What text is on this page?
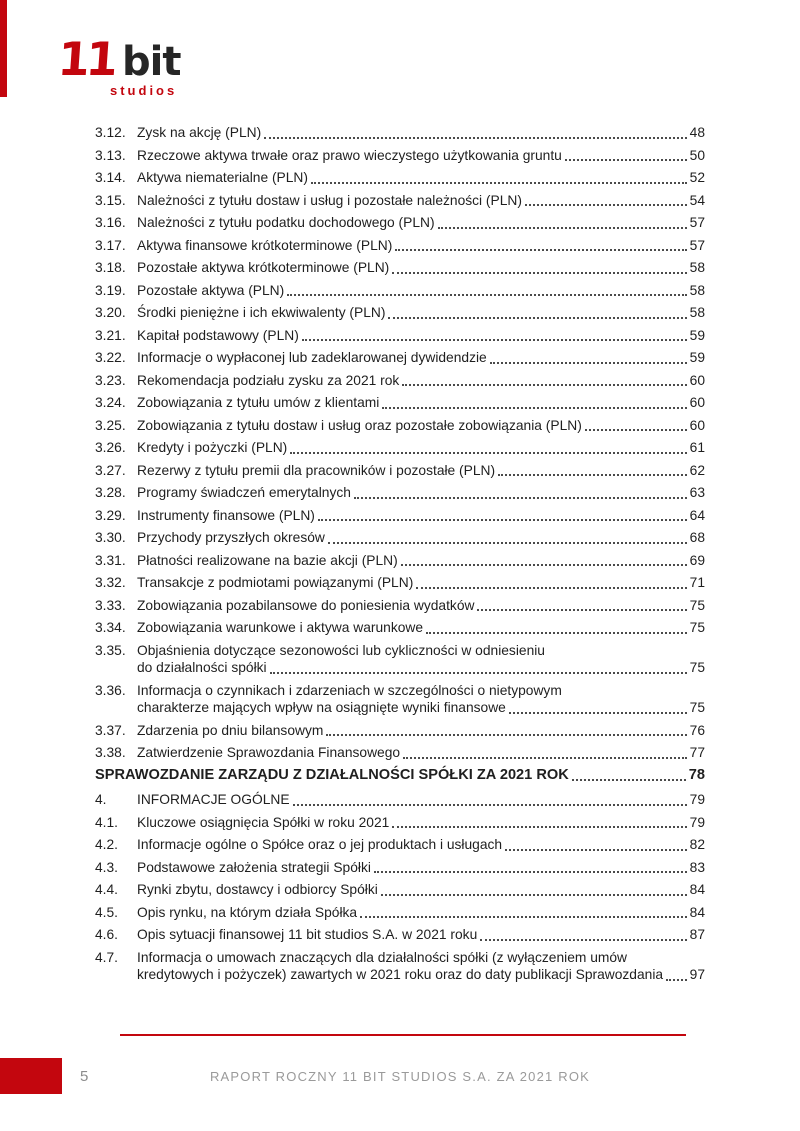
11 bit
studios
3.12. Zysk na akcję (PLN)	48
3.13. Rzeczowe aktywa trwałe oraz prawo wieczystego użytkowania gruntu	50
3.14. Aktywa niematerialne (PLN)	52
3.15. Należności z tytułu dostaw i usług i pozostałe należności (PLN)	54
3.16. Należności z tytułu podatku dochodowego (PLN)	57
3.17. Aktywa finansowe krótkoterminowe (PLN)	57
3.18. Pozostałe aktywa krótkoterminowe (PLN)	58
3.19. Pozostałe aktywa (PLN)	58
3.20. Środki pieniężne i ich ekwiwalenty (PLN)	58
3.21. Kapitał podstawowy (PLN)	59
3.22. Informacje o wypłaconej lub zadeklarowanej dywidendzie	59
3.23. Rekomendacja podziału zysku za 2021 rok	60
3.24. Zobowiązania z tytułu umów z klientami	60
3.25. Zobowiązania z tytułu dostaw i usług oraz pozostałe zobowiązania (PLN)	60
3.26. Kredyty i pożyczki (PLN)	61
3.27. Rezerwy z tytułu premii dla pracowników i pozostałe (PLN)	62
3.28. Programy świadczeń emerytalnych	63
3.29. Instrumenty finansowe (PLN)	64
3.30. Przychody przyszłych okresów	68
3.31. Płatności realizowane na bazie akcji (PLN)	69
3.32. Transakcje z podmiotami powiązanymi (PLN)	71
3.33. Zobowiązania pozabilansowe do poniesienia wydatków	75
3.34. Zobowiązania warunkowe i aktywa warunkowe	75
3.35. Objaśnienia dotyczące sezonowości lub cykliczności w odniesieniu
do działalności spółki	75
3.36. Informacja o czynnikach i zdarzeniach w szczególności o nietypowym
charakterze mających wpływ na osiągnięte wyniki finansowe	75
3.37. Zdarzenia po dniu bilansowym	76
3.38. Zatwierdzenie Sprawozdania Finansowego	77
SPRAWOZDANIE ZARZĄDU Z DZIAŁALNOŚCI SPÓŁKI ZA 2021 ROK	78
4.	INFORMACJE OGÓLNE	79
4.1.	Kluczowe osiągnięcia Spółki w roku 2021	79
4.2.	Informacje ogólne o Spółce oraz o jej produktach i usługach	82
4.3.	Podstawowe założenia strategii Spółki	83
4.4.	Rynki zbytu, dostawcy i odbiorcy Spółki	84
4.5.	Opis rynku, na którym działa Spółka	84
4.6.	Opis sytuacji finansowej 11 bit studios S.A. w 2021 roku	87
4.7.	Informacja o umowach znaczących dla działalności spółki (z wyłączeniem umów
kredytowych i pożyczek) zawartych w 2021 roku oraz do daty publikacji Sprawozdania 97
5	RAPORT ROCZNY 11 BIT STUDIOS S.A. ZA 2021 ROK
